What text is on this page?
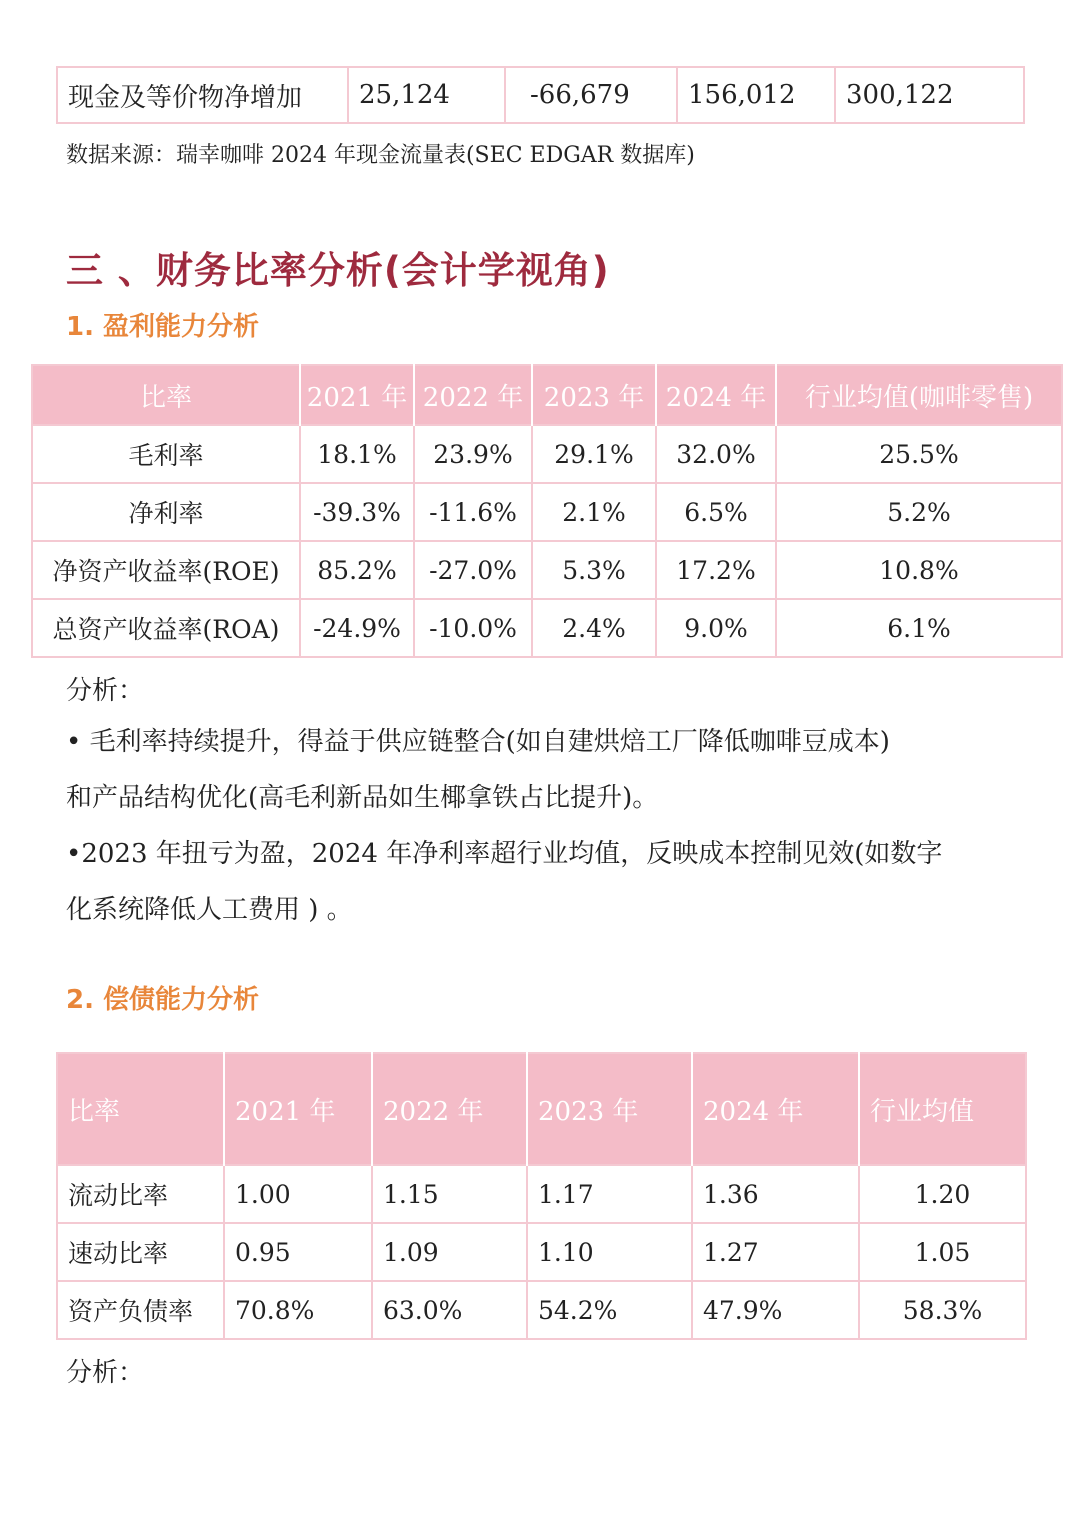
现金及等价物净增加	25,124	-66,679	156,012	300,122
数据来源：瑞幸咖啡 2024 年现金流量表(SEC EDGAR 数据库)
三 、财务比率分析(会计学视角)
1. 盈利能力分析
比率	2021 年	2022 年	2023 年	2024 年	行业均值(咖啡零售)
毛利率	18.1%	23.9%	29.1%	32.0%	25.5%
净利率	-39.3%	-11.6%	2.1%	6.5%	5.2%
净资产收益率(ROE)	85.2%	-27.0%	5.3%	17.2%	10.8%
总资产收益率(ROA)	-24.9%	-10.0%	2.4%	9.0%	6.1%
分析：
• 毛利率持续提升，得益于供应链整合(如自建烘焙工厂降低咖啡豆成本)
和产品结构优化(高毛利新品如生椰拿铁占比提升)。
•2023 年扭亏为盈，2024 年净利率超行业均值，反映成本控制见效(如数字
化系统降低人工费用 ) 。
2. 偿债能力分析
比率	2021 年	2022 年	2023 年	2024 年	行业均值
流动比率	1.00	1.15	1.17	1.36	1.20
速动比率	0.95	1.09	1.10	1.27	1.05
资产负债率	70.8%	63.0%	54.2%	47.9%	58.3%
分析：
